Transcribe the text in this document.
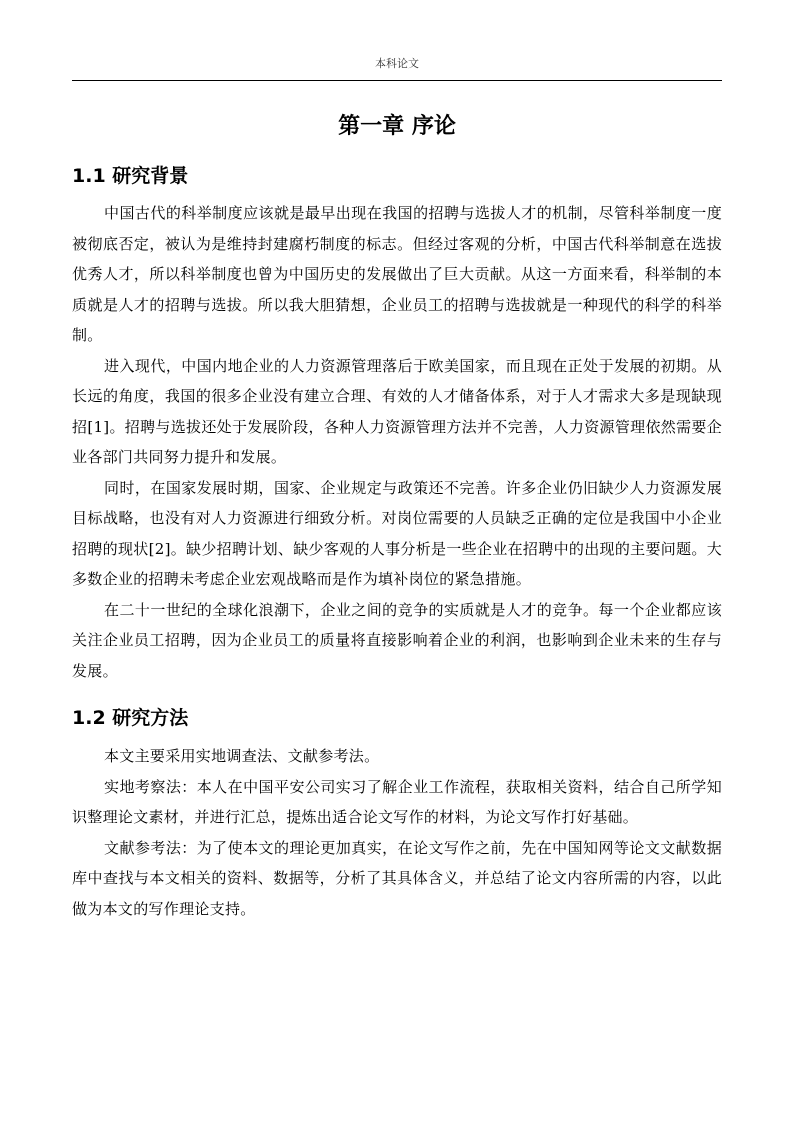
本科论文
第一章 序论
1.1 研究背景

中国古代的科举制度应该就是最早出现在我国的招聘与选拔人才的机制，尽管科举制度一度被彻底否定，被认为是维持封建腐朽制度的标志。但经过客观的分析，中国古代科举制意在选拔优秀人才，所以科举制度也曾为中国历史的发展做出了巨大贡献。从这一方面来看，科举制的本质就是人才的招聘与选拔。所以我大胆猜想，企业员工的招聘与选拔就是一种现代的科学的科举制。

进入现代，中国内地企业的人力资源管理落后于欧美国家，而且现在正处于发展的初期。从长远的角度，我国的很多企业没有建立合理、有效的人才储备体系，对于人才需求大多是现缺现招[1]。招聘与选拔还处于发展阶段，各种人力资源管理方法并不完善，人力资源管理依然需要企业各部门共同努力提升和发展。

同时，在国家发展时期，国家、企业规定与政策还不完善。许多企业仍旧缺少人力资源发展目标战略，也没有对人力资源进行细致分析。对岗位需要的人员缺乏正确的定位是我国中小企业招聘的现状[2]。缺少招聘计划、缺少客观的人事分析是一些企业在招聘中的出现的主要问题。大多数企业的招聘未考虑企业宏观战略而是作为填补岗位的紧急措施。

在二十一世纪的全球化浪潮下，企业之间的竞争的实质就是人才的竞争。每一个企业都应该关注企业员工招聘，因为企业员工的质量将直接影响着企业的利润，也影响到企业未来的生存与发展。

1.2 研究方法

本文主要采用实地调查法、文献参考法。

实地考察法：本人在中国平安公司实习了解企业工作流程，获取相关资料，结合自己所学知识整理论文素材，并进行汇总，提炼出适合论文写作的材料，为论文写作打好基础。

文献参考法：为了使本文的理论更加真实，在论文写作之前，先在中国知网等论文文献数据库中查找与本文相关的资料、数据等，分析了其具体含义，并总结了论文内容所需的内容，以此做为本文的写作理论支持。
